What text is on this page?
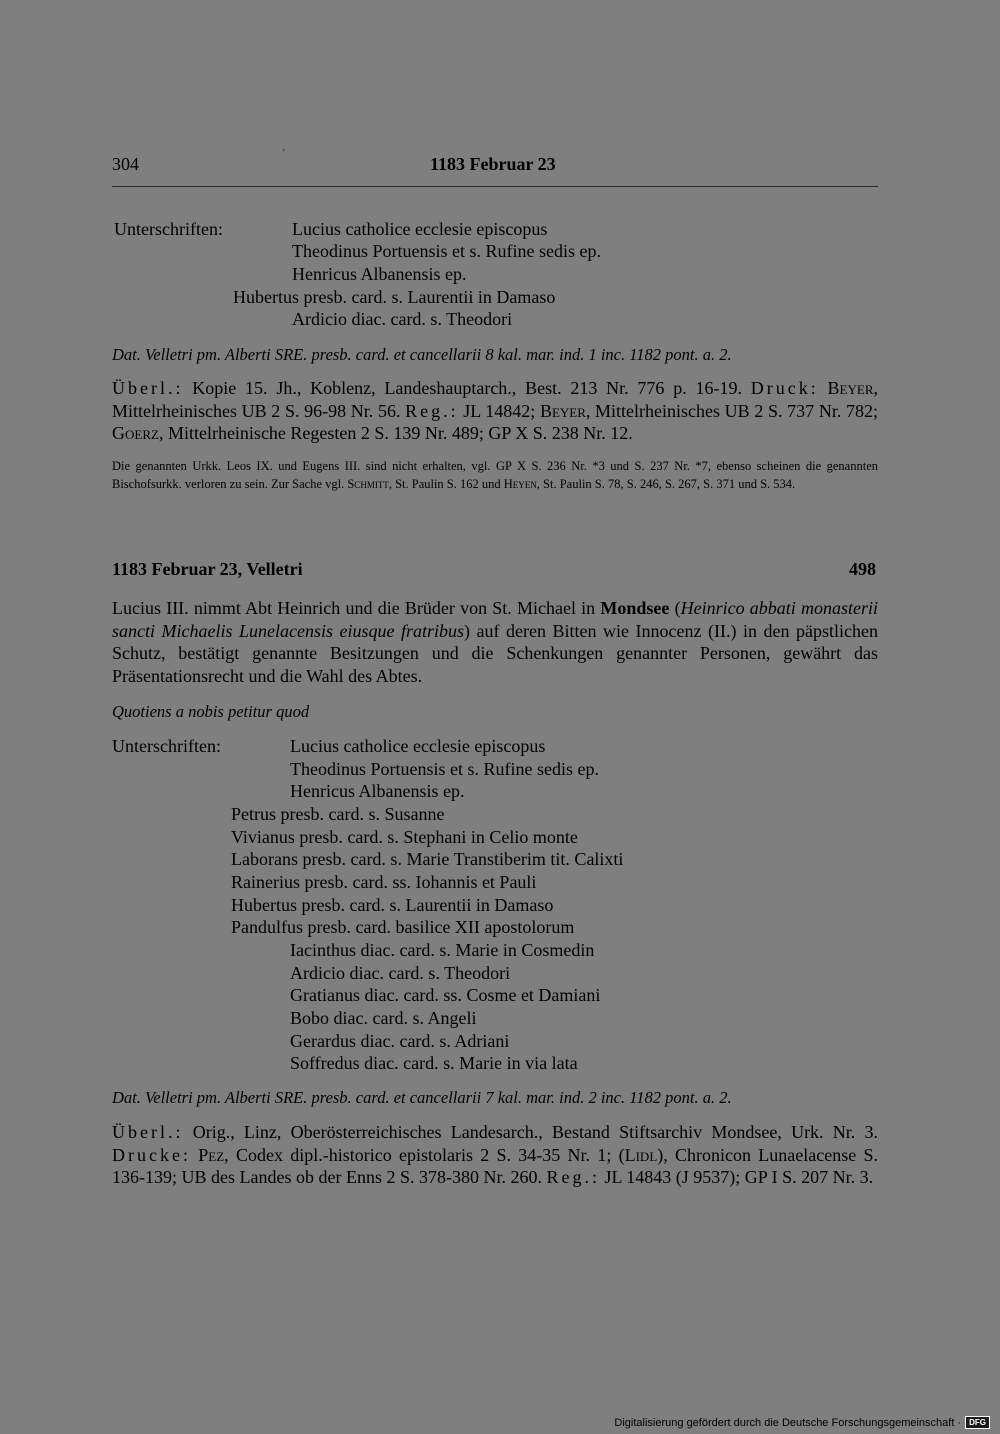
304
'
1183 Februar 23
Unterschriften:	Lucius catholice ecclesie episcopus
Theodinus Portuensis et s. Rufine sedis ep.
Henricus Albanensis ep.
Hubertus presb. card. s. Laurentii in Damaso
Ardicio diac. card. s. Theodori
Dat. Velletri pm. Alberti SRE. presb. card. et cancellarii 8 kal. mar. ind. 1 inc. 1182 pont. a. 2.
Überl.: Kopie 15. Jh., Koblenz, Landeshauptarch., Best. 213 Nr. 776 p. 16-19. Druck: Beyer, Mittelrheinisches UB 2 S. 96-98 Nr. 56. Reg.: JL 14842; Beyer, Mittelrheinisches UB 2 S. 737 Nr. 782; Goerz, Mittelrheinische Regesten 2 S. 139 Nr. 489; GP X S. 238 Nr. 12.
Die genannten Urkk. Leos IX. und Eugens III. sind nicht erhalten, vgl. GP X S. 236 Nr. *3 und S. 237 Nr. *7, ebenso scheinen die genannten Bischofsurkk. verloren zu sein. Zur Sache vgl. Schmitt, St. Paulin S. 162 und Heyen, St. Paulin S. 78, S. 246, S. 267, S. 371 und S. 534.
1183 Februar 23, Velletri	498
Lucius III. nimmt Abt Heinrich und die Brüder von St. Michael in Mondsee (Heinrico abbati monasterii sancti Michaelis Lunelacensis eiusque fratribus) auf deren Bitten wie Innocenz (II.) in den päpstlichen Schutz, bestätigt genannte Besitzungen und die Schenkungen genannter Personen, gewährt das Präsentationsrecht und die Wahl des Abtes.
Quotiens a nobis petitur quod
Unterschriften:	Lucius catholice ecclesie episcopus
Theodinus Portuensis et s. Rufine sedis ep.
Henricus Albanensis ep.
Petrus presb. card. s. Susanne
Vivianus presb. card. s. Stephani in Celio monte
Laborans presb. card. s. Marie Transtiberim tit. Calixti
Rainerius presb. card. ss. Iohannis et Pauli
Hubertus presb. card. s. Laurentii in Damaso
Pandulfus presb. card. basilice XII apostolorum
Iacinthus diac. card. s. Marie in Cosmedin
Ardicio diac. card. s. Theodori
Gratianus diac. card. ss. Cosme et Damiani
Bobo diac. card. s. Angeli
Gerardus diac. card. s. Adriani
Soffredus diac. card. s. Marie in via lata
Dat. Velletri pm. Alberti SRE. presb. card. et cancellarii 7 kal. mar. ind. 2 inc. 1182 pont. a. 2.
Überl.: Orig., Linz, Oberösterreichisches Landesarch., Bestand Stiftsarchiv Mondsee, Urk. Nr. 3. Drucke: Pez, Codex dipl.-historico epistolaris 2 S. 34-35 Nr. 1; (Lidl), Chronicon Lunaelacense S. 136-139; UB des Landes ob der Enns 2 S. 378-380 Nr. 260. Reg.: JL 14843 (J 9537); GP I S. 207 Nr. 3.
Digitalisierung gefördert durch die Deutsche Forschungsgemeinschaft ·	DFG
